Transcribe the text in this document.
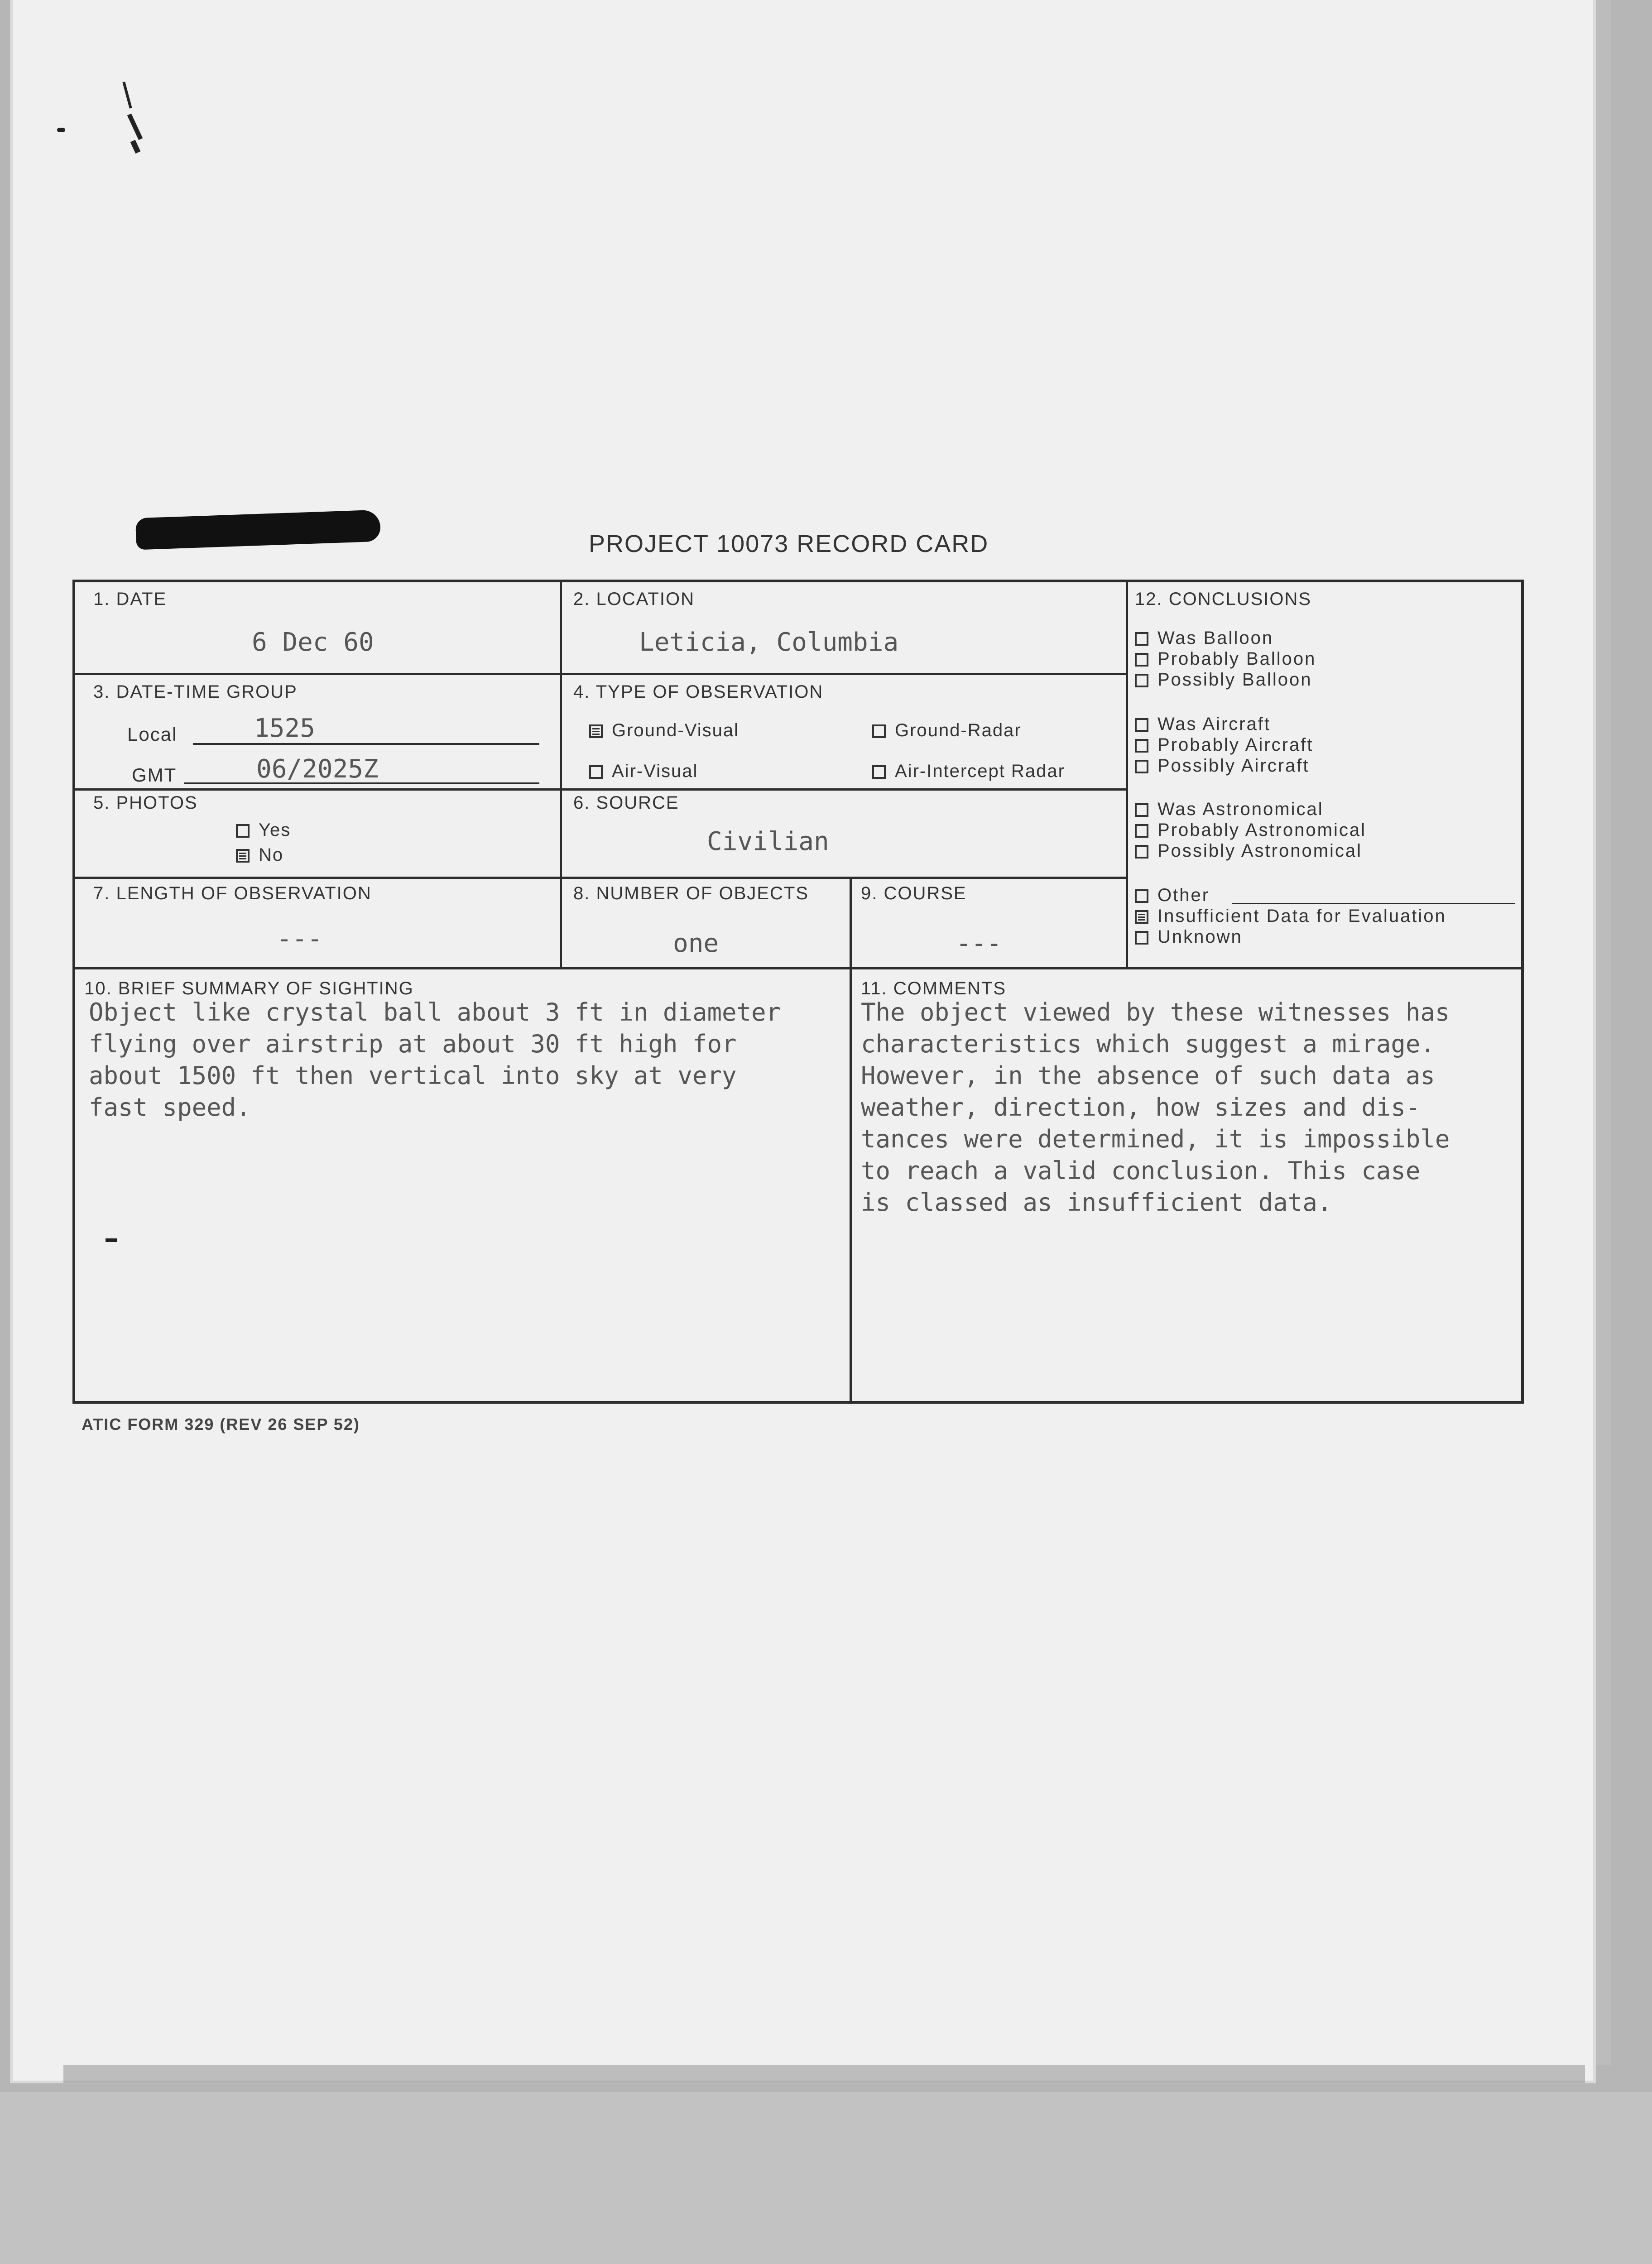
PROJECT 10073 RECORD CARD
1. DATE
6 Dec 60
2. LOCATION
Leticia, Columbia
3. DATE-TIME GROUP
Local	1525
GMT	06/2025Z
4. TYPE OF OBSERVATION
Ground-Visual	Ground-Radar
Air-Visual	Air-Intercept Radar
5. PHOTOS
Yes
No
6. SOURCE
Civilian
7. LENGTH OF OBSERVATION
---
8. NUMBER OF OBJECTS
one
9. COURSE
---
10. BRIEF SUMMARY OF SIGHTING
Object like crystal ball about 3 ft in diameter
flying over airstrip at about 30 ft high for
about 1500 ft then vertical into sky at very
fast speed.
11. COMMENTS
The object viewed by these witnesses has
characteristics which suggest a mirage.
However, in the absence of such data as
weather, direction, how sizes and dis-
tances were determined, it is impossible
to reach a valid conclusion. This case
is classed as insufficient data.
12. CONCLUSIONS
Was Balloon
Probably Balloon
Possibly Balloon
Was Aircraft
Probably Aircraft
Possibly Aircraft
Was Astronomical
Probably Astronomical
Possibly Astronomical
Other
Insufficient Data for Evaluation
Unknown
ATIC FORM 329 (REV 26 SEP 52)
